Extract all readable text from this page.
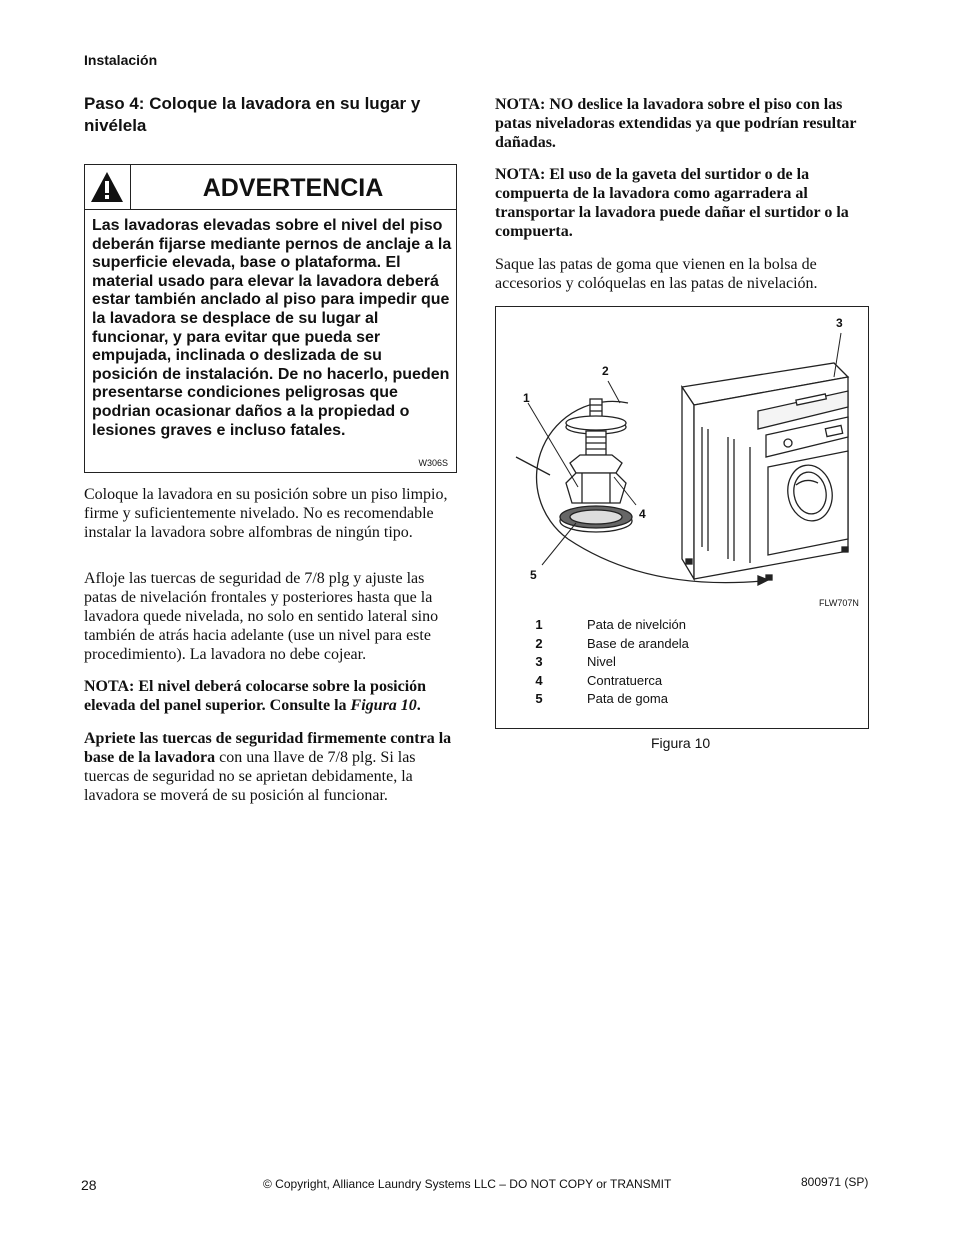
Instalación
Paso 4: Coloque la lavadora en su lugar y nivélela
ADVERTENCIA
Las lavadoras elevadas sobre el nivel del piso deberán fijarse mediante pernos de anclaje a la superficie elevada, base o plataforma. El material usado para elevar la lavadora deberá estar también anclado al piso para impedir que la lavadora se desplace de su lugar al funcionar, y para evitar que pueda ser empujada, inclinada o deslizada de su posición de instalación. De no hacerlo, pueden presentarse condiciones peligrosas que podrian ocasionar daños a la propiedad o lesiones graves e incluso fatales.
W306S
Coloque la lavadora en su posición sobre un piso limpio, firme y suficientemente nivelado. No es recomendable instalar la lavadora sobre alfombras de ningún tipo.
Afloje las tuercas de seguridad de 7/8 plg y ajuste las patas de nivelación frontales y posteriores hasta que la lavadora quede nivelada, no solo en sentido lateral sino también de atrás hacia adelante (use un nivel para este procedimiento). La lavadora no debe cojear.
NOTA: El nivel deberá colocarse sobre la posición elevada del panel superior. Consulte la Figura 10.
Apriete las tuercas de seguridad firmemente contra la base de la lavadora con una llave de 7/8 plg. Si las tuercas de seguridad no se aprietan debidamente, la lavadora se moverá de su posición al funcionar.
NOTA: NO deslice la lavadora sobre el piso con las patas niveladoras extendidas ya que podrían resultar dañadas.
NOTA: El uso de la gaveta del surtidor o de la compuerta de la lavadora como agarradera al transportar la lavadora puede dañar el surtidor o la compuerta.
Saque las patas de goma que vienen en la bolsa de accesorios y colóquelas en las patas de nivelación.
3
2
1
4
5
FLW707N
1	Pata de nivelción
2	Base de arandela
3	Nivel
4	Contratuerca
5	Pata de goma
Figura 10
28	© Copyright, Alliance Laundry Systems LLC – DO NOT COPY or TRANSMIT	800971 (SP)
